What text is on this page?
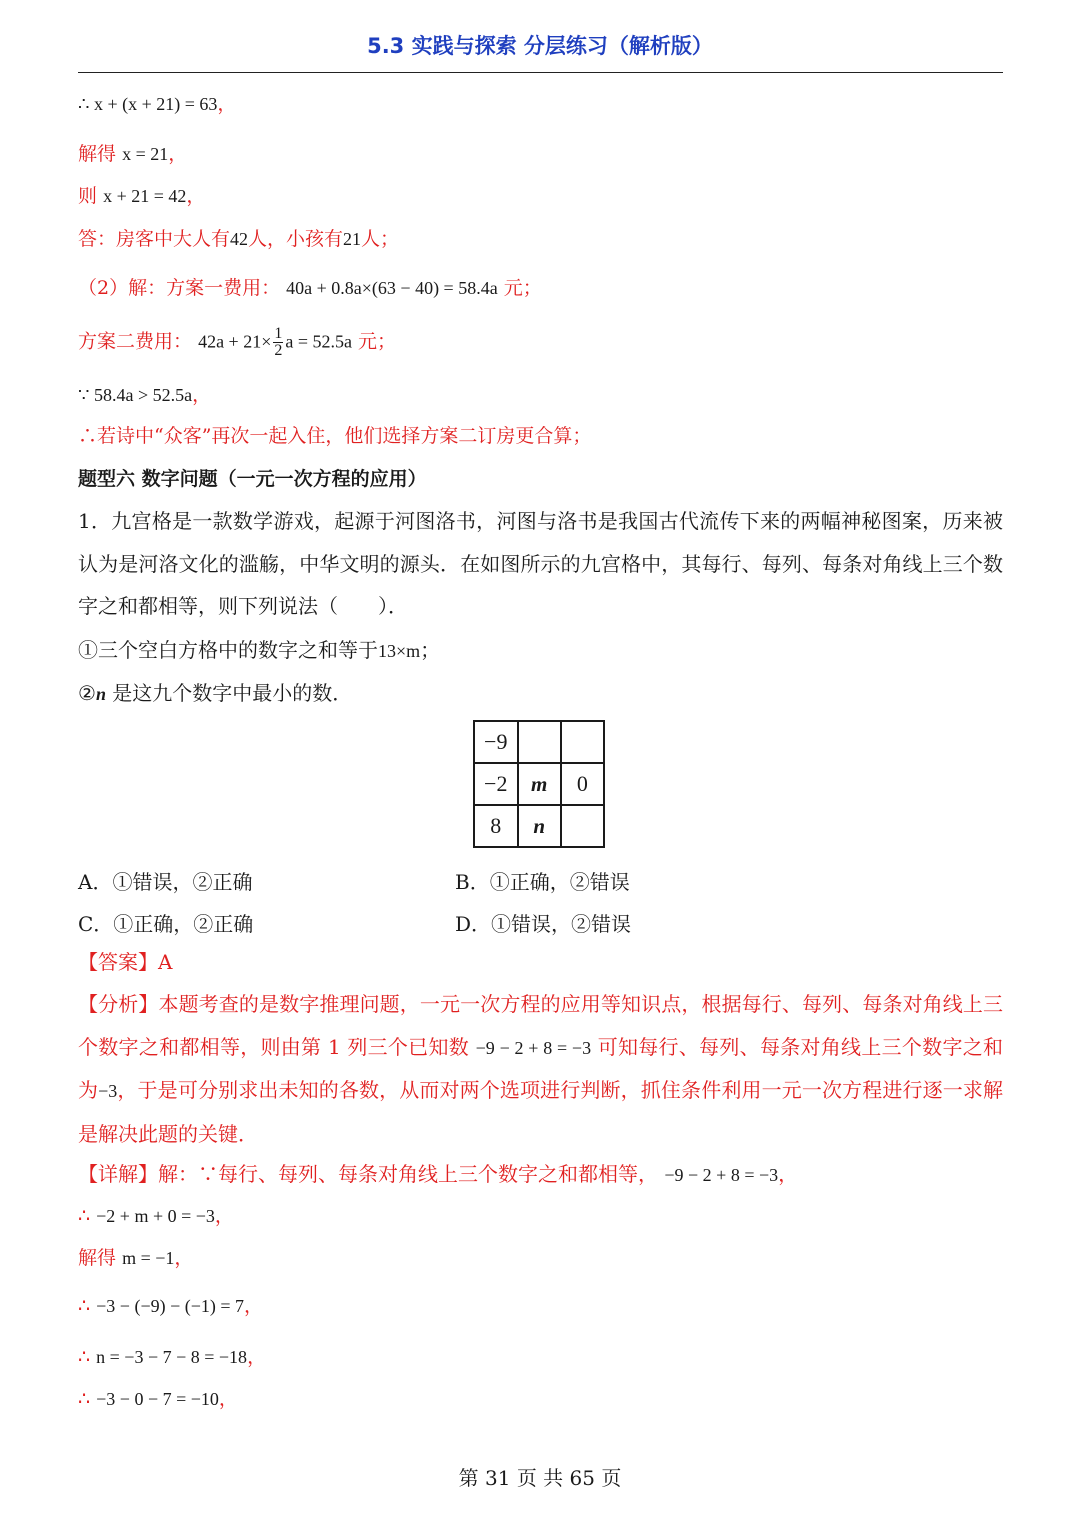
5.3 实践与探索 分层练习（解析版）
∴ x + (x + 21) = 63，
解得 x = 21，
则 x + 21 = 42，
答：房客中大人有42人，小孩有21人；
（2）解：方案一费用： 40a + 0.8a×(63 − 40) = 58.4a 元；
方案二费用： $42a + 21\times \frac{1}{2}$ a = 52.5a 元；
∵ 58.4a > 52.5a，
∴若诗中“众客”再次一起入住，他们选择方案二订房更合算；
题型六 数字问题（一元一次方程的应用）
1．九宫格是一款数学游戏，起源于河图洛书，河图与洛书是我国古代流传下来的两幅神秘图案，历来被认为是河洛文化的滥觞，中华文明的源头．在如图所示的九宫格中，其每行、每列、每条对角线上三个数字之和都相等，则下列说法（　　）．
①三个空白方格中的数字之和等于13×m；
②n 是这九个数字中最小的数．
−9		
−2	m	0
8	n	
A．①错误，②正确	B．①正确，②错误
C．①正确，②正确	D．①错误，②错误
【答案】A
【分析】本题考查的是数字推理问题，一元一次方程的应用等知识点，根据每行、每列、每条对角线上三个数字之和都相等，则由第 1 列三个已知数 −9 − 2 + 8 = −3 可知每行、每列、每条对角线上三个数字之和为−3，于是可分别求出未知的各数，从而对两个选项进行判断，抓住条件利用一元一次方程进行逐一求解是解决此题的关键．
【详解】解：∵每行、每列、每条对角线上三个数字之和都相等， −9 − 2 + 8 = −3，
∴ −2 + m + 0 = −3，
解得 m = −1，
∴ −3 − (−9) − (−1) = 7，
∴ n = −3 − 7 − 8 = −18，
∴ −3 − 0 − 7 = −10，
第 31 页 共 65 页
